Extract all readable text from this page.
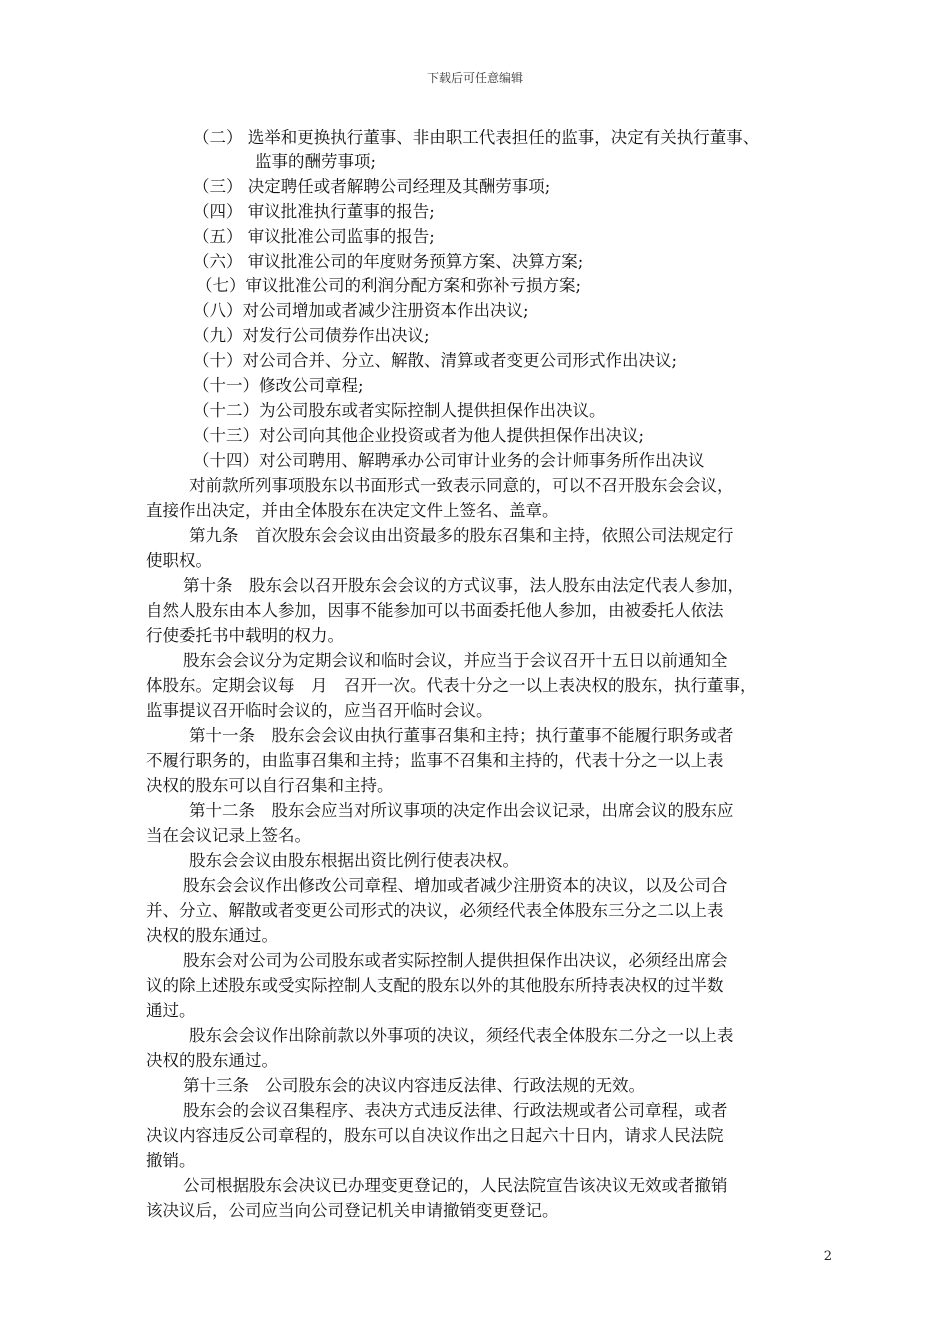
下载后可任意编辑
（二） 选举和更换执行董事、非由职工代表担任的监事，决定有关执行董事、
监事的酬劳事项;
（三） 决定聘任或者解聘公司经理及其酬劳事项;
（四） 审议批准执行董事的报告;
（五） 审议批准公司监事的报告;
（六） 审议批准公司的年度财务预算方案、决算方案;
（七）审议批准公司的利润分配方案和弥补亏损方案;
（八）对公司增加或者减少注册资本作出决议;
（九）对发行公司债券作出决议;
（十）对公司合并、分立、解散、清算或者变更公司形式作出决议;
（十一）修改公司章程;
（十二）为公司股东或者实际控制人提供担保作出决议。
（十三）对公司向其他企业投资或者为他人提供担保作出决议;
（十四）对公司聘用、解聘承办公司审计业务的会计师事务所作出决议
对前款所列事项股东以书面形式一致表示同意的，可以不召开股东会会议，
直接作出决定，并由全体股东在决定文件上签名、盖章。
第九条　首次股东会会议由出资最多的股东召集和主持，依照公司法规定行
使职权。
第十条　股东会以召开股东会会议的方式议事，法人股东由法定代表人参加，
自然人股东由本人参加，因事不能参加可以书面委托他人参加，由被委托人依法
行使委托书中载明的权力。
股东会会议分为定期会议和临时会议，并应当于会议召开十五日以前通知全
体股东。定期会议每　月　召开一次。代表十分之一以上表决权的股东，执行董事，
监事提议召开临时会议的，应当召开临时会议。
第十一条　股东会会议由执行董事召集和主持；执行董事不能履行职务或者
不履行职务的，由监事召集和主持；监事不召集和主持的，代表十分之一以上表
决权的股东可以自行召集和主持。
第十二条　股东会应当对所议事项的决定作出会议记录，出席会议的股东应
当在会议记录上签名。
股东会会议由股东根据出资比例行使表决权。
股东会会议作出修改公司章程、增加或者减少注册资本的决议，以及公司合
并、分立、解散或者变更公司形式的决议，必须经代表全体股东三分之二以上表
决权的股东通过。
股东会对公司为公司股东或者实际控制人提供担保作出决议，必须经出席会
议的除上述股东或受实际控制人支配的股东以外的其他股东所持表决权的过半数
通过。
股东会会议作出除前款以外事项的决议，须经代表全体股东二分之一以上表
决权的股东通过。
第十三条　公司股东会的决议内容违反法律、行政法规的无效。
股东会的会议召集程序、表决方式违反法律、行政法规或者公司章程，或者
决议内容违反公司章程的，股东可以自决议作出之日起六十日内，请求人民法院
撤销。
公司根据股东会决议已办理变更登记的，人民法院宣告该决议无效或者撤销
该决议后，公司应当向公司登记机关申请撤销变更登记。
2
